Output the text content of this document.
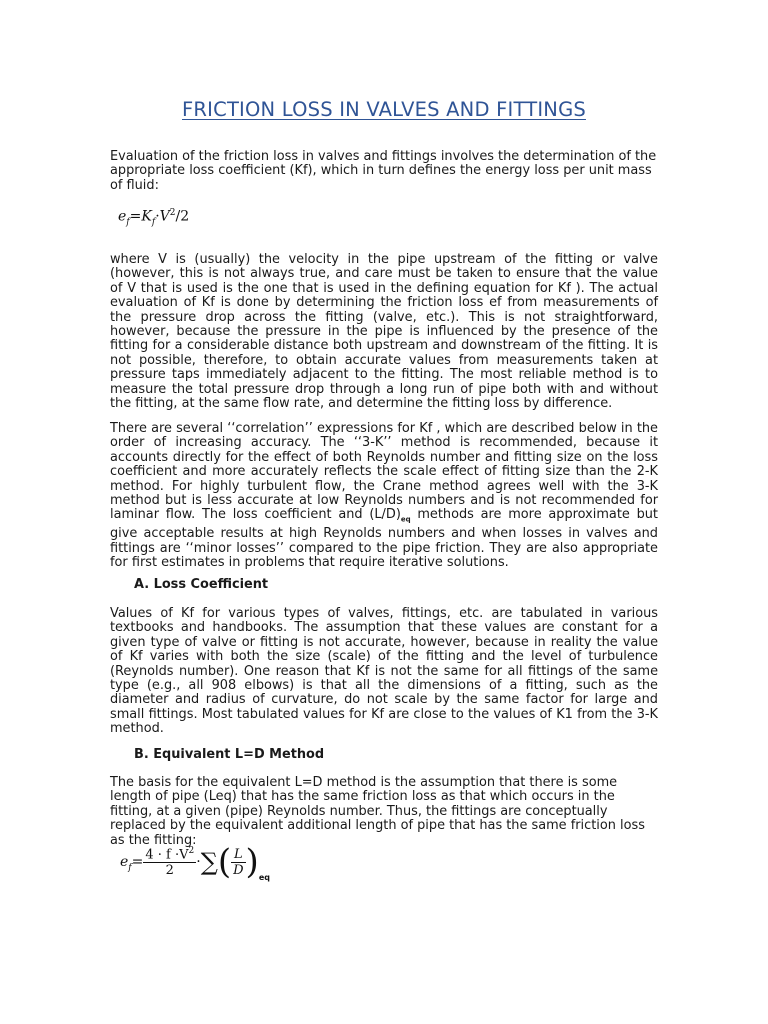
FRICTION LOSS IN VALVES AND FITTINGS
Evaluation of the friction loss in valves and fittings involves the determination of the appropriate loss coefficient (Kf), which in turn defines the energy loss per unit mass of fluid:
$e_f=K_f\cdot V^2/2$
where V is (usually) the velocity in the pipe upstream of the fitting or valve (however, this is not always true, and care must be taken to ensure that the value of V that is used is the one that is used in the defining equation for Kf ). The actual evaluation of Kf is done by determining the friction loss ef from measurements of the pressure drop across the fitting (valve, etc.). This is not straightforward, however, because the pressure in the pipe is influenced by the presence of the fitting for a considerable distance both upstream and downstream of the fitting. It is not possible, therefore, to obtain accurate values from measurements taken at pressure taps immediately adjacent to the fitting. The most reliable method is to measure the total pressure drop through a long run of pipe both with and without the fitting, at the same flow rate, and determine the fitting loss by difference.
There are several ‘‘correlation’’ expressions for Kf , which are described below in the order of increasing accuracy. The ‘‘3-K’’ method is recommended, because it accounts directly for the effect of both Reynolds number and fitting size on the loss coefficient and more accurately reflects the scale effect of fitting size than the 2-K method. For highly turbulent flow, the Crane method agrees well with the 3-K method but is less accurate at low Reynolds numbers and is not recommended for laminar flow. The loss coefficient and $(L/D)_{eq}$ methods are more approximate but give acceptable results at high Reynolds numbers and when losses in valves and fittings are ‘‘minor losses’’ compared to the pipe friction. They are also appropriate for first estimates in problems that require iterative solutions.
A. Loss Coefficient
Values of Kf for various types of valves, fittings, etc. are tabulated in various textbooks and handbooks. The assumption that these values are constant for a given type of valve or fitting is not accurate, however, because in reality the value of Kf varies with both the size (scale) of the fitting and the level of turbulence (Reynolds number). One reason that Kf is not the same for all fittings of the same type (e.g., all 908 elbows) is that all the dimensions of a fitting, such as the diameter and radius of curvature, do not scale by the same factor for large and small fittings. Most tabulated values for Kf are close to the values of K1 from the 3-K method.
B. Equivalent L=D Method
The basis for the equivalent L=D method is the assumption that there is some length of pipe (Leq) that has the same friction loss as that which occurs in the fitting, at a given (pipe) Reynolds number. Thus, the fittings are conceptually replaced by the equivalent additional length of pipe that has the same friction loss as the fitting:
$e_f= \frac{4 \cdot f \cdot V^2}{2}$ ·∑( $\frac{L}{D} )_{eq}$
